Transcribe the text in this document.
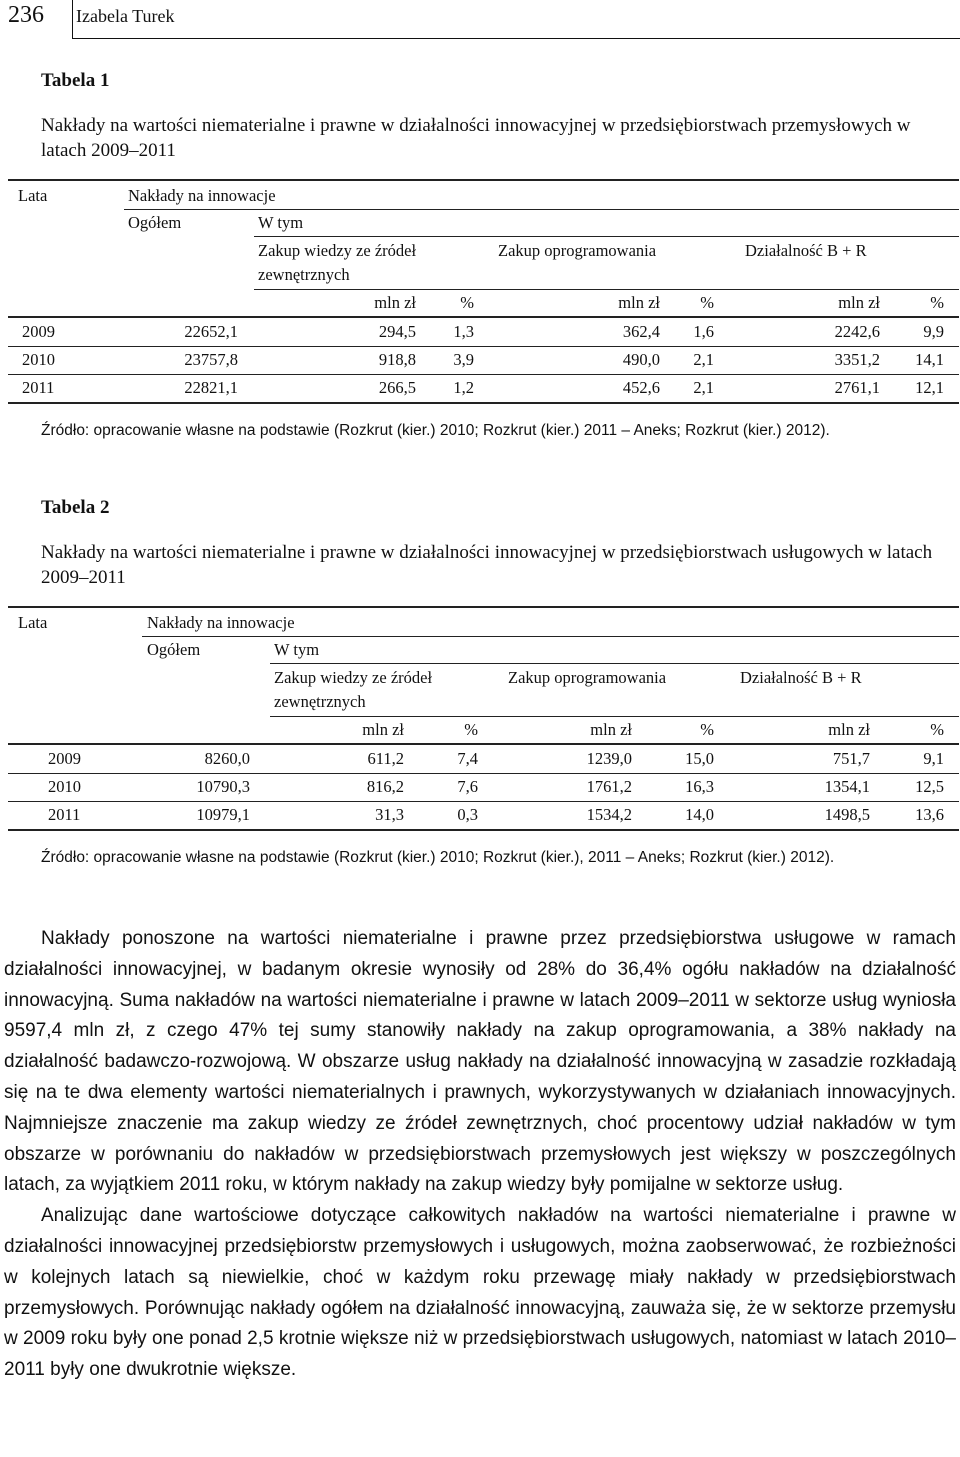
236 Izabela Turek
Tabela 1
Nakłady na wartości niematerialne i prawne w działalności innowacyjnej w przedsiębiorstwach przemysłowych w latach 2009–2011
Lata	Nakłady na innowacje
Ogółem	W tym
Zakup wiedzy ze źródeł
zewnętrznych
Zakup oprogramowania	Działalność B + R
mln zł	%	mln zł	%	mln zł	%
2009	22652,1	294,5	1,3	362,4	1,6	2242,6	9,9
2010	23757,8	918,8	3,9	490,0	2,1	3351,2	14,1
2011	22821,1	266,5	1,2	452,6	2,1	2761,1	12,1
Źródło: opracowanie własne na podstawie (Rozkrut (kier.) 2010; Rozkrut (kier.) 2011 – Aneks; Rozkrut (kier.) 2012).
Tabela 2
Nakłady na wartości niematerialne i prawne w działalności innowacyjnej w przedsiębiorstwach usługowych w latach 2009–2011
Lata	Nakłady na innowacje
Ogółem	W tym
Zakup wiedzy ze źródeł
zewnętrznych
Zakup oprogramowania	Działalność B + R
mln zł	%	mln zł	%	mln zł	%
2009	8260,0	611,2	7,4	1239,0	15,0	751,7	9,1
2010	10790,3	816,2	7,6	1761,2	16,3	1354,1	12,5
2011	10979,1	31,3	0,3	1534,2	14,0	1498,5	13,6
Źródło: opracowanie własne na podstawie (Rozkrut (kier.) 2010; Rozkrut (kier.), 2011 – Aneks; Rozkrut (kier.) 2012).

Nakłady ponoszone na wartości niematerialne i prawne przez przedsiębiorstwa usługowe w ramach działalności innowacyjnej, w badanym okresie wynosiły od 28% do 36,4% ogółu nakładów na działalność innowacyjną. Suma nakładów na wartości niematerialne i prawne w latach 2009–2011 w sektorze usług wyniosła 9597,4 mln zł, z czego 47% tej sumy stanowiły nakłady na zakup oprogramowania, a 38% nakłady na działalność badawczo-rozwojową. W obszarze usług nakłady na działalność innowacyjną w zasadzie rozkładają się na te dwa elementy wartości niematerialnych i prawnych, wykorzystywanych w działaniach innowacyjnych. Najmniejsze znaczenie ma zakup wiedzy ze źródeł zewnętrznych, choć procentowy udział nakładów w tym obszarze w porównaniu do nakładów w przedsiębiorstwach przemysłowych jest większy w poszczególnych latach, za wyjątkiem 2011 roku, w którym nakłady na zakup wiedzy były pomijalne w sektorze usług.

Analizując dane wartościowe dotyczące całkowitych nakładów na wartości niematerialne i prawne w działalności innowacyjnej przedsiębiorstw przemysłowych i usługowych, można zaobserwować, że rozbieżności w kolejnych latach są niewielkie, choć w każdym roku przewagę miały nakłady w przedsiębiorstwach przemysłowych. Porównując nakłady ogółem na działalność innowacyjną, zauważa się, że w sektorze przemysłu w 2009 roku były one ponad 2,5 krotnie większe niż w przedsiębiorstwach usługowych, natomiast w latach 2010–2011 były one dwukrotnie większe.
